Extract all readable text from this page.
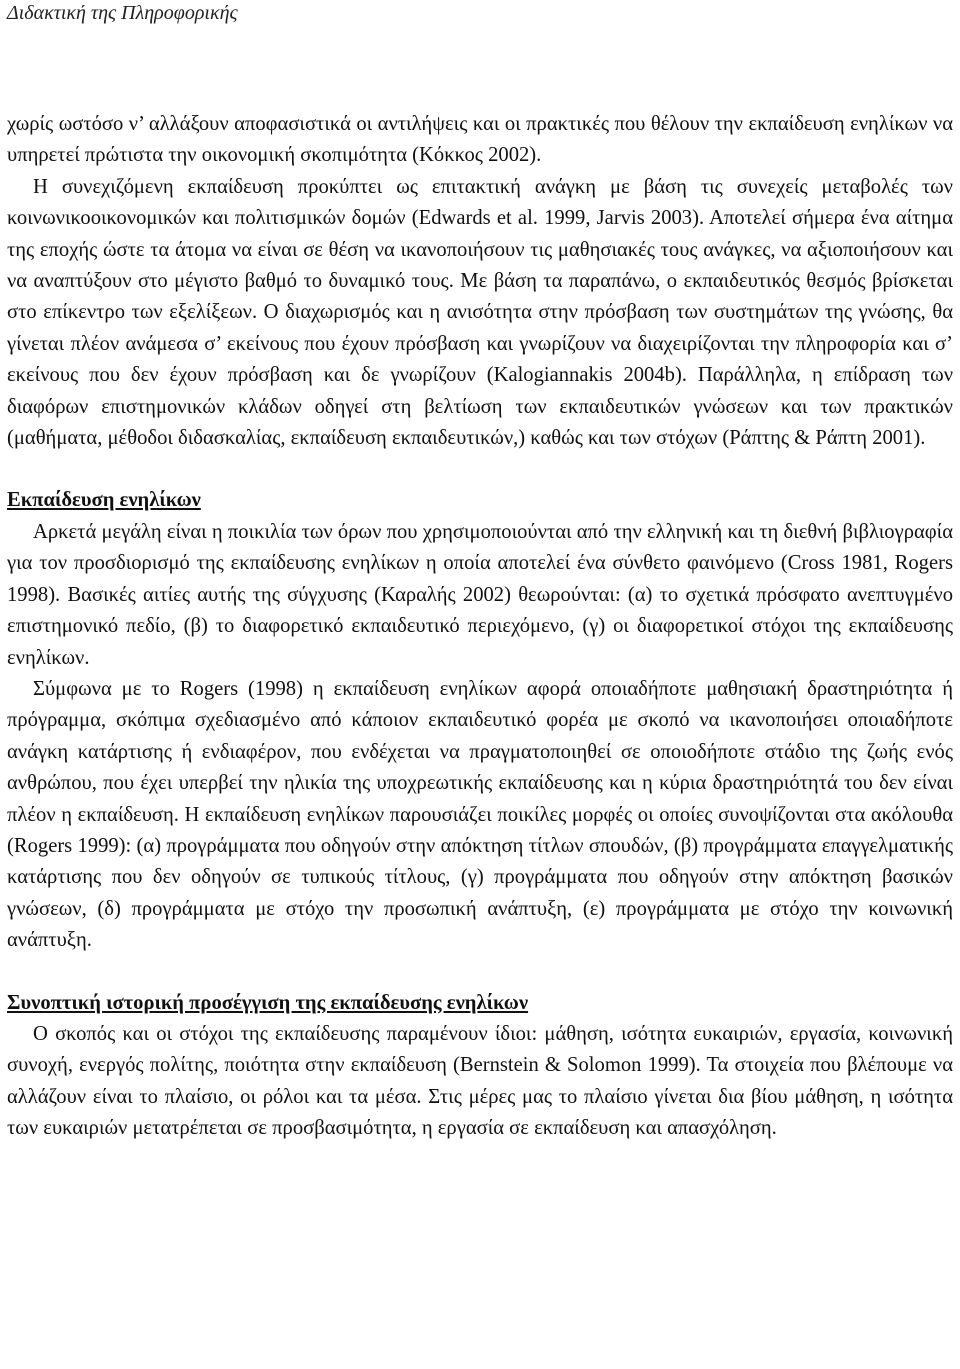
Διδακτική της Πληροφορικής

χωρίς ωστόσο ν’ αλλάξουν αποφασιστικά οι αντιλήψεις και οι πρακτικές που θέλουν την εκπαίδευση ενηλίκων να υπηρετεί πρώτιστα την οικονομική σκοπιμότητα (Κόκκος 2002).

Η συνεχιζόμενη εκπαίδευση προκύπτει ως επιτακτική ανάγκη με βάση τις συνεχείς μεταβολές των κοινωνικοοικονομικών και πολιτισμικών δομών (Edwards et al. 1999, Jarvis 2003). Αποτελεί σήμερα ένα αίτημα της εποχής ώστε τα άτομα να είναι σε θέση να ικανοποιήσουν τις μαθησιακές τους ανάγκες, να αξιοποιήσουν και να αναπτύξουν στο μέγιστο βαθμό το δυναμικό τους. Με βάση τα παραπάνω, ο εκπαιδευτικός θεσμός βρίσκεται στο επίκεντρο των εξελίξεων. Ο διαχωρισμός και η ανισότητα στην πρόσβαση των συστημάτων της γνώσης, θα γίνεται πλέον ανάμεσα σ’ εκείνους που έχουν πρόσβαση και γνωρίζουν να διαχειρίζονται την πληροφορία και σ’ εκείνους που δεν έχουν πρόσβαση και δε γνωρίζουν (Kalogiannakis 2004b). Παράλληλα, η επίδραση των διαφόρων επιστημονικών κλάδων οδηγεί στη βελτίωση των εκπαιδευτικών γνώσεων και των πρακτικών (μαθήματα, μέθοδοι διδασκαλίας, εκπαίδευση εκπαιδευτικών,) καθώς και των στόχων (Ράπτης & Ράπτη 2001).

Εκπαίδευση ενηλίκων

Αρκετά μεγάλη είναι η ποικιλία των όρων που χρησιμοποιούνται από την ελληνική και τη διεθνή βιβλιογραφία για τον προσδιορισμό της εκπαίδευσης ενηλίκων η οποία αποτελεί ένα σύνθετο φαινόμενο (Cross 1981, Rogers 1998). Βασικές αιτίες αυτής της σύγχυσης (Καραλής 2002) θεωρούνται: (α) το σχετικά πρόσφατο ανεπτυγμένο επιστημονικό πεδίο, (β) το διαφορετικό εκπαιδευτικό περιεχόμενο, (γ) οι διαφορετικοί στόχοι της εκπαίδευσης ενηλίκων.

Σύμφωνα με το Rogers (1998) η εκπαίδευση ενηλίκων αφορά οποιαδήποτε μαθησιακή δραστηριότητα ή πρόγραμμα, σκόπιμα σχεδιασμένο από κάποιον εκπαιδευτικό φορέα με σκοπό να ικανοποιήσει οποιαδήποτε ανάγκη κατάρτισης ή ενδιαφέρον, που ενδέχεται να πραγματοποιηθεί σε οποιοδήποτε στάδιο της ζωής ενός ανθρώπου, που έχει υπερβεί την ηλικία της υποχρεωτικής εκπαίδευσης και η κύρια δραστηριότητά του δεν είναι πλέον η εκπαίδευση. Η εκπαίδευση ενηλίκων παρουσιάζει ποικίλες μορφές οι οποίες συνοψίζονται στα ακόλουθα (Rogers 1999): (α) προγράμματα που οδηγούν στην απόκτηση τίτλων σπουδών, (β) προγράμματα επαγγελματικής κατάρτισης που δεν οδηγούν σε τυπικούς τίτλους, (γ) προγράμματα που οδηγούν στην απόκτηση βασικών γνώσεων, (δ) προγράμματα με στόχο την προσωπική ανάπτυξη, (ε) προγράμματα με στόχο την κοινωνική ανάπτυξη.

Συνοπτική ιστορική προσέγγιση της εκπαίδευσης ενηλίκων

Ο σκοπός και οι στόχοι της εκπαίδευσης παραμένουν ίδιοι: μάθηση, ισότητα ευκαιριών, εργασία, κοινωνική συνοχή, ενεργός πολίτης, ποιότητα στην εκπαίδευση (Bernstein & Solomon 1999). Τα στοιχεία που βλέπουμε να αλλάζουν είναι το πλαίσιο, οι ρόλοι και τα μέσα. Στις μέρες μας το πλαίσιο γίνεται δια βίου μάθηση, η ισότητα των ευκαιριών μετατρέπεται σε προσβασιμότητα, η εργασία σε εκπαίδευση και απασχόληση.
